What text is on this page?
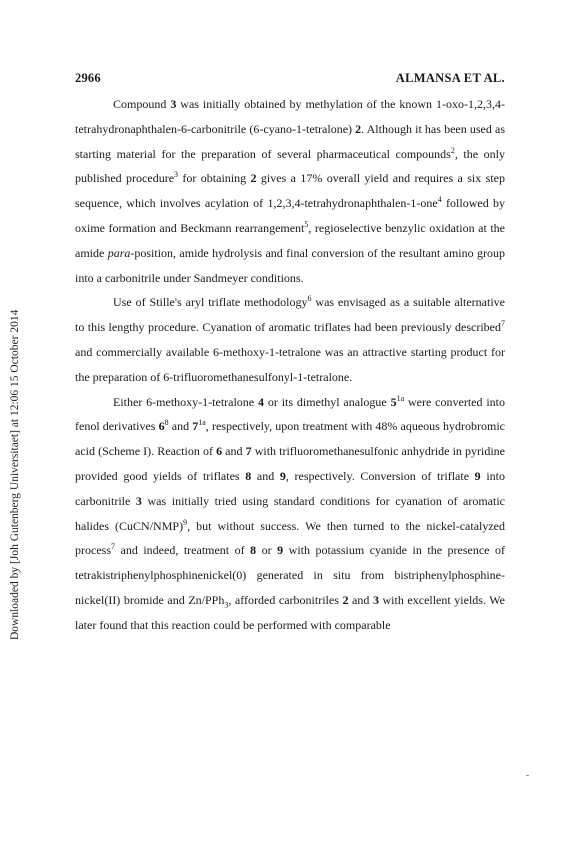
2966	ALMANSA ET AL.
Downloaded by [Joh Gutenberg Universitaet] at 12:06 15 October 2014

Compound 3 was initially obtained by methylation of the known 1-oxo-1,2,3,4-tetrahydronaphthalen-6-carbonitrile (6-cyano-1-tetralone) 2. Although it has been used as starting material for the preparation of several pharmaceutical compounds$^2$, the only published procedure$^3$ for obtaining 2 gives a 17% overall yield and requires a six step sequence, which involves acylation of 1,2,3,4-tetrahydronaphthalen-1-one$^4$ followed by oxime formation and Beckmann rearrangement$^5$, regioselective benzylic oxidation at the amide para-position, amide hydrolysis and final conversion of the resultant amino group into a carbonitrile under Sandmeyer conditions.

Use of Stille's aryl triflate methodology$^6$ was envisaged as a suitable alternative to this lengthy procedure. Cyanation of aromatic triflates had been previously described$^7$ and commercially available 6-methoxy-1-tetralone was an attractive starting product for the preparation of 6-trifluoromethanesulfonyl-1-tetralone.

Either 6-methoxy-1-tetralone 4 or its dimethyl analogue $5^{1a}$ were converted into fenol derivatives $6^8$ and $7^{1a}$, respectively, upon treatment with 48% aqueous hydrobromic acid (Scheme I). Reaction of 6 and 7 with trifluoromethanesulfonic anhydride in pyridine provided good yields of triflates 8 and 9, respectively. Conversion of triflate 9 into carbonitrile 3 was initially tried using standard conditions for cyanation of aromatic halides (CuCN/NMP)$^9$, but without success. We then turned to the nickel-catalyzed process$^7$ and indeed, treatment of 8 or 9 with potassium cyanide in the presence of tetrakistriphenylphosphinenickel(0) generated in situ from bistriphenylphosphine-nickel(II) bromide and Zn/PPh$_3$, afforded carbonitriles 2 and 3 with excellent yields. We later found that this reaction could be performed with comparable
